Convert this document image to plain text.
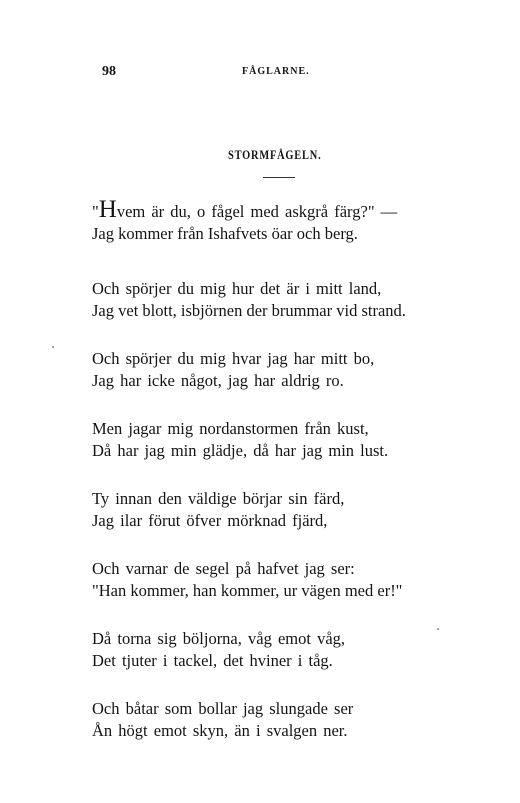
98	FÅGLARNE.
STORMFÅGELN.
"Hvem är du, o fågel med askgrå färg?" —
Jag kommer från Ishafvets öar och berg.
Och spörjer du mig hur det är i mitt land,
Jag vet blott, isbjörnen der brummar vid strand.
Och spörjer du mig hvar jag har mitt bo,
Jag har icke något, jag har aldrig ro.
Men jagar mig nordanstormen från kust,
Då har jag min glädje, då har jag min lust.
Ty innan den väldige börjar sin färd,
Jag ilar förut öfver mörknad fjärd,
Och varnar de segel på hafvet jag ser:
"Han kommer, han kommer, ur vägen med er!"
Då torna sig böljorna, våg emot våg,
Det tjuter i tackel, det hviner i tåg.
Och båtar som bollar jag slungade ser
Ån högt emot skyn, än i svalgen ner.
